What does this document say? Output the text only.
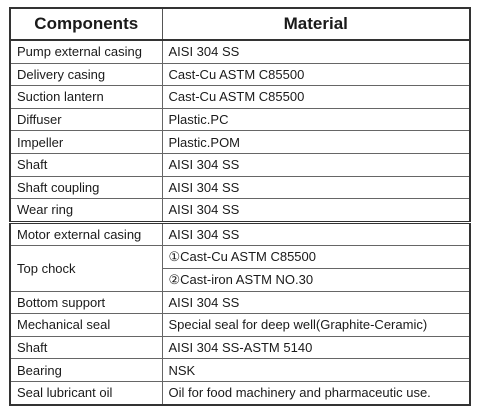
Components	Material
Pump external casing	AISI 304 SS
Delivery casing	Cast-Cu ASTM C85500
Suction lantern	Cast-Cu ASTM C85500
Diffuser	Plastic.PC
Impeller	Plastic.POM
Shaft	AISI 304 SS
Shaft coupling	AISI 304 SS
Wear ring	AISI 304 SS
Motor external casing	AISI 304 SS
Top chock	①Cast-Cu ASTM C85500
	②Cast-iron ASTM NO.30
Bottom support	AISI 304 SS
Mechanical seal	Special seal for deep well(Graphite-Ceramic)
Shaft	AISI 304 SS-ASTM 5140
Bearing	NSK
Seal lubricant oil	Oil for food machinery and pharmaceutic use.
